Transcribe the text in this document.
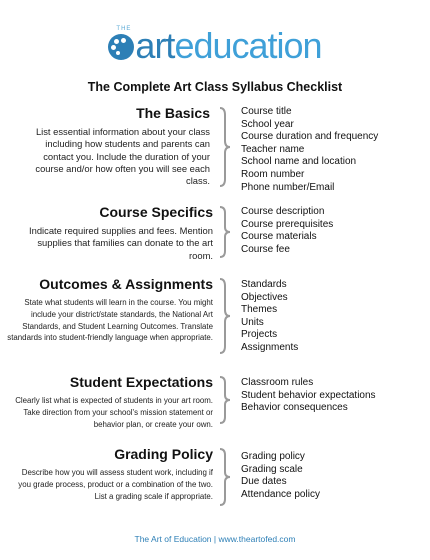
THE art education
The Complete Art Class Syllabus Checklist
The Basics
List essential information about your class including how students and parents can contact you. Include the duration of your course and/or how often you will see each class.
Course title
School year
Course duration and frequency
Teacher name
School name and location
Room number
Phone number/Email
Course Specifics
Indicate required supplies and fees. Mention supplies that families can donate to the art room.
Course description
Course prerequisites
Course materials
Course fee
Outcomes & Assignments
State what students will learn in the course. You might include your district/state standards, the National Art Standards, and Student Learning Outcomes. Translate standards into student-friendly language when appropriate.
Standards
Objectives
Themes
Units
Projects
Assignments
Student Expectations
Clearly list what is expected of students in your art room. Take direction from your school's mission statement or behavior plan, or create your own.
Classroom rules
Student behavior expectations
Behavior consequences
Grading Policy
Describe how you will assess student work, including if you grade process, product or a combination of the two. List a grading scale if appropriate.
Grading policy
Grading scale
Due dates
Attendance policy
The Art of Education | www.theartofed.com
